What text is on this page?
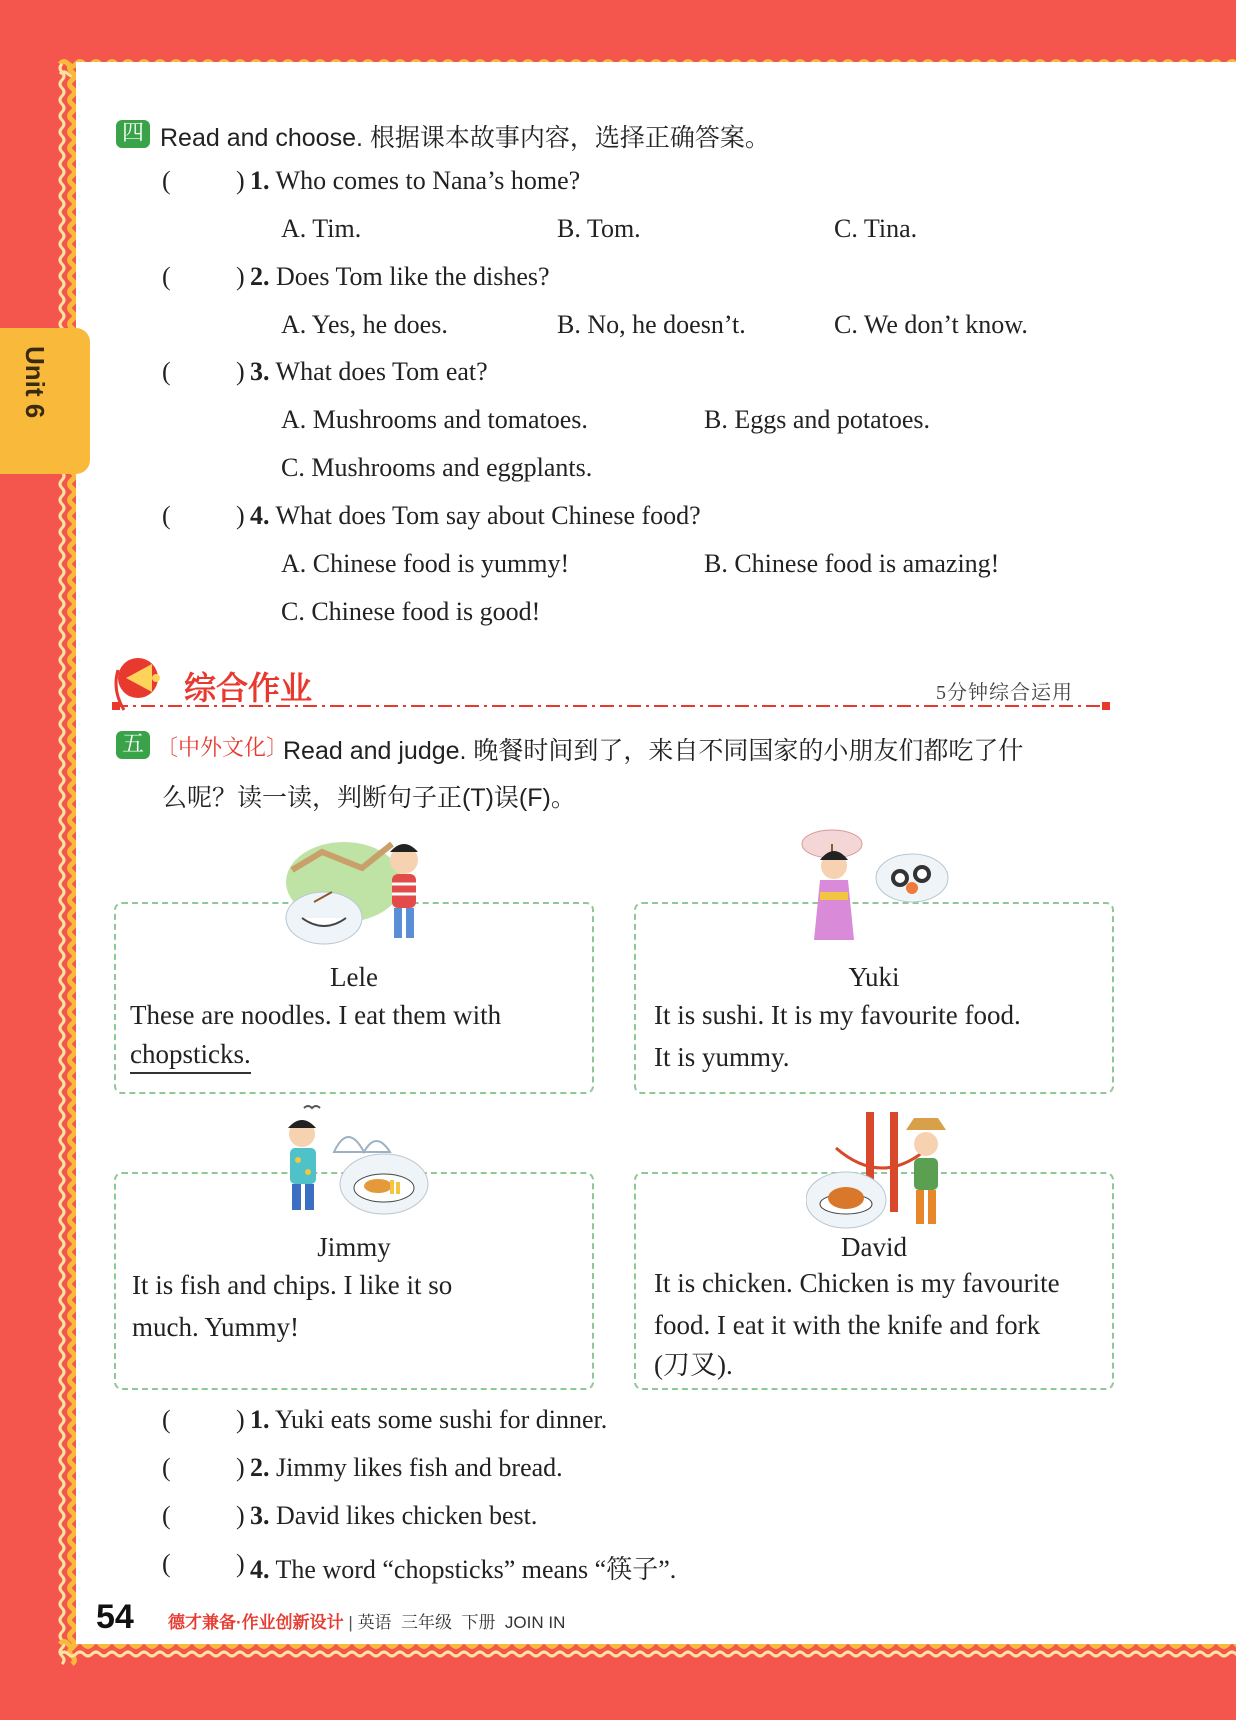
Unit 6
四 Read and choose. 根据课本故事内容，选择正确答案。
(	) 1. Who comes to Nana’s home?
A. Tim.	B. Tom.	C. Tina.
(	) 2. Does Tom like the dishes?
A. Yes, he does.	B. No, he doesn’t.	C. We don’t know.
(	) 3. What does Tom eat?
A. Mushrooms and tomatoes.	B. Eggs and potatoes.
C. Mushrooms and eggplants.
(	) 4. What does Tom say about Chinese food?
A. Chinese food is yummy!	B. Chinese food is amazing!
C. Chinese food is good!
综合作业	5分钟综合运用
五 〔中外文化〕
Read and judge. 晚餐时间到了，来自不同国家的小朋友们都吃了什
么呢？读一读，判断句子正(T)误(F)。
Lele
These are noodles. I eat them with
chopsticks.
Yuki
It is sushi. It is my favourite food.
It is yummy.
Jimmy
It is fish and chips. I like it so
much. Yummy!
David
It is chicken. Chicken is my favourite
food. I eat it with the knife and fork
(刀叉).
(	) 1. Yuki eats some sushi for dinner.
(	) 2. Jimmy likes fish and bread.
(	) 3. David likes chicken best.
(	) 4. The word “chopsticks” means “筷子”.
54 德才兼备·作业创新设计 | 英语  三年级  下册  JOIN IN
